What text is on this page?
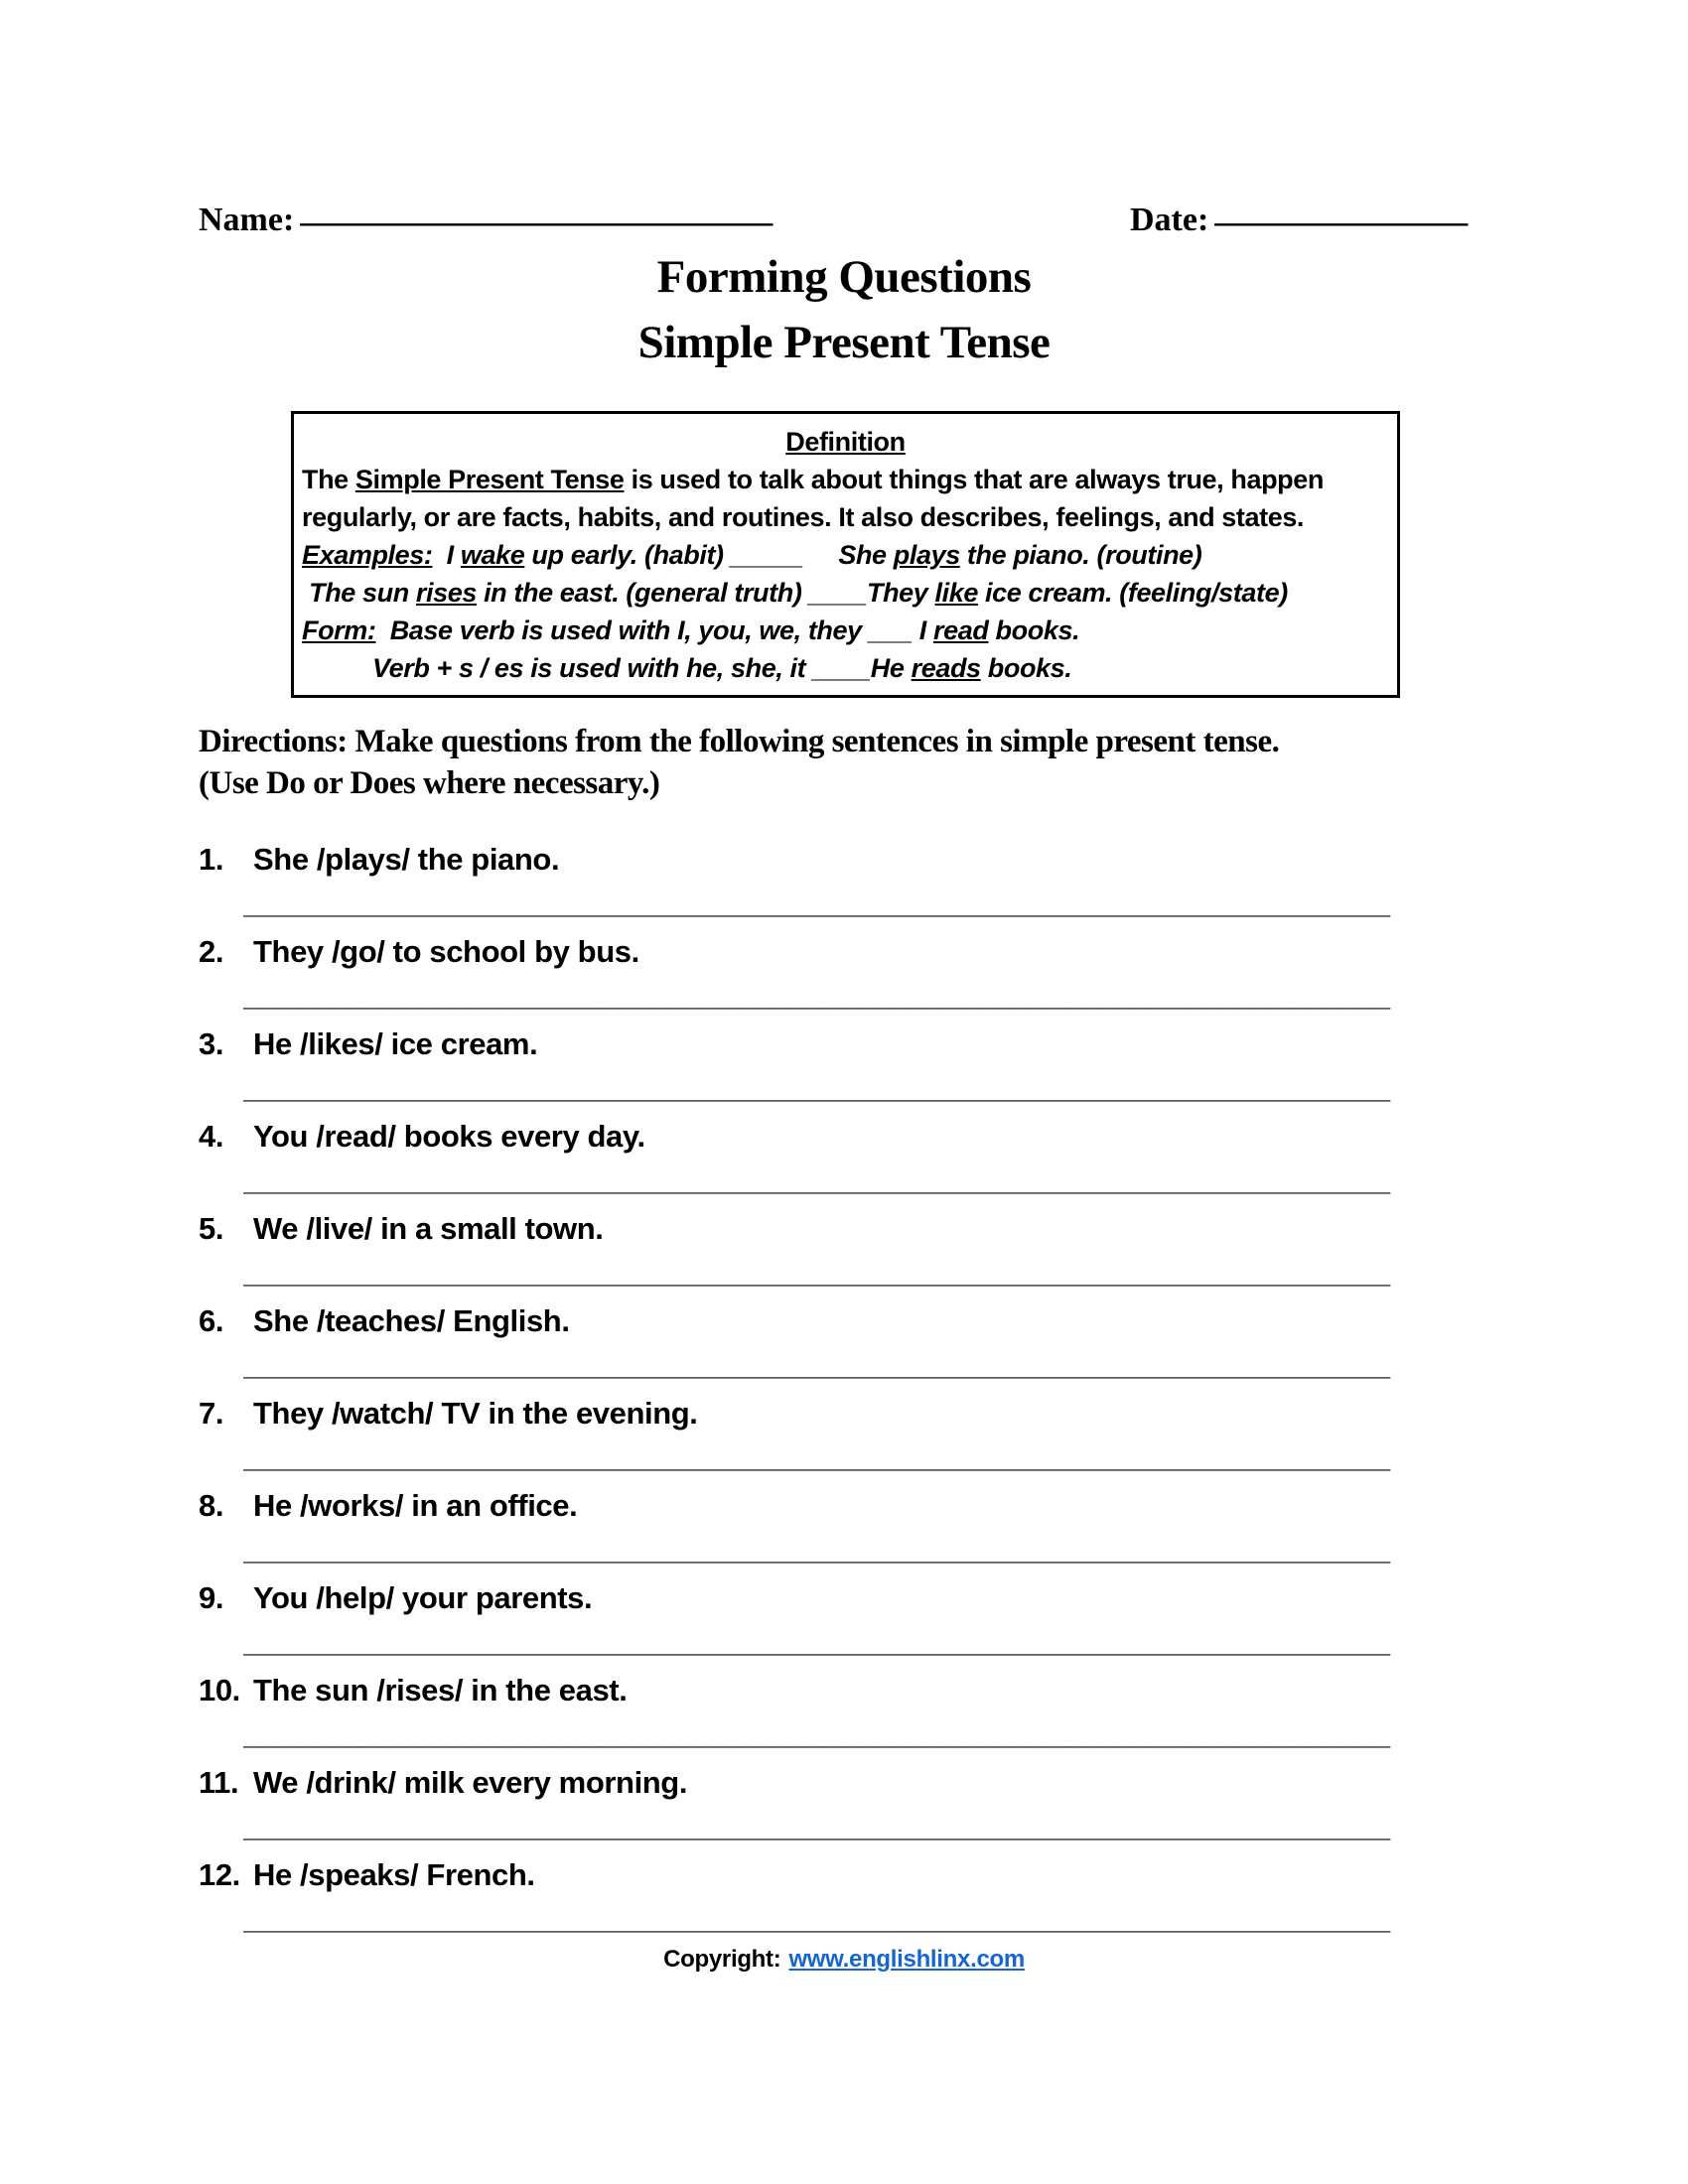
Name: ____________________________	Date: _______________
Forming Questions
Simple Present Tense
Definition
The Simple Present Tense is used to talk about things that are always true, happen
regularly, or are facts, habits, and routines. It also describes, feelings, and states.
Examples:  I wake up early. (habit) _____     She plays the piano. (routine)
The sun rises in the east. (general truth) ____They like ice cream. (feeling/state)
Form:  Base verb is used with I, you, we, they ___ I read books.
Verb + s / es is used with he, she, it ____He reads books.
Directions: Make questions from the following sentences in simple present tense.
(Use Do or Does where necessary.)
1. She /plays/ the piano.
___________________________________________________________________
2. They /go/ to school by bus.
___________________________________________________________________
3. He /likes/ ice cream.
___________________________________________________________________
4. You /read/ books every day.
___________________________________________________________________
5. We /live/ in a small town.
___________________________________________________________________
6. She /teaches/ English.
___________________________________________________________________
7. They /watch/ TV in the evening.
___________________________________________________________________
8. He /works/ in an office.
___________________________________________________________________
9. You /help/ your parents.
___________________________________________________________________
10. The sun /rises/ in the east.
___________________________________________________________________
11. We /drink/ milk every morning.
___________________________________________________________________
12. He /speaks/ French.
___________________________________________________________________
Copyright: www.englishlinx.com
